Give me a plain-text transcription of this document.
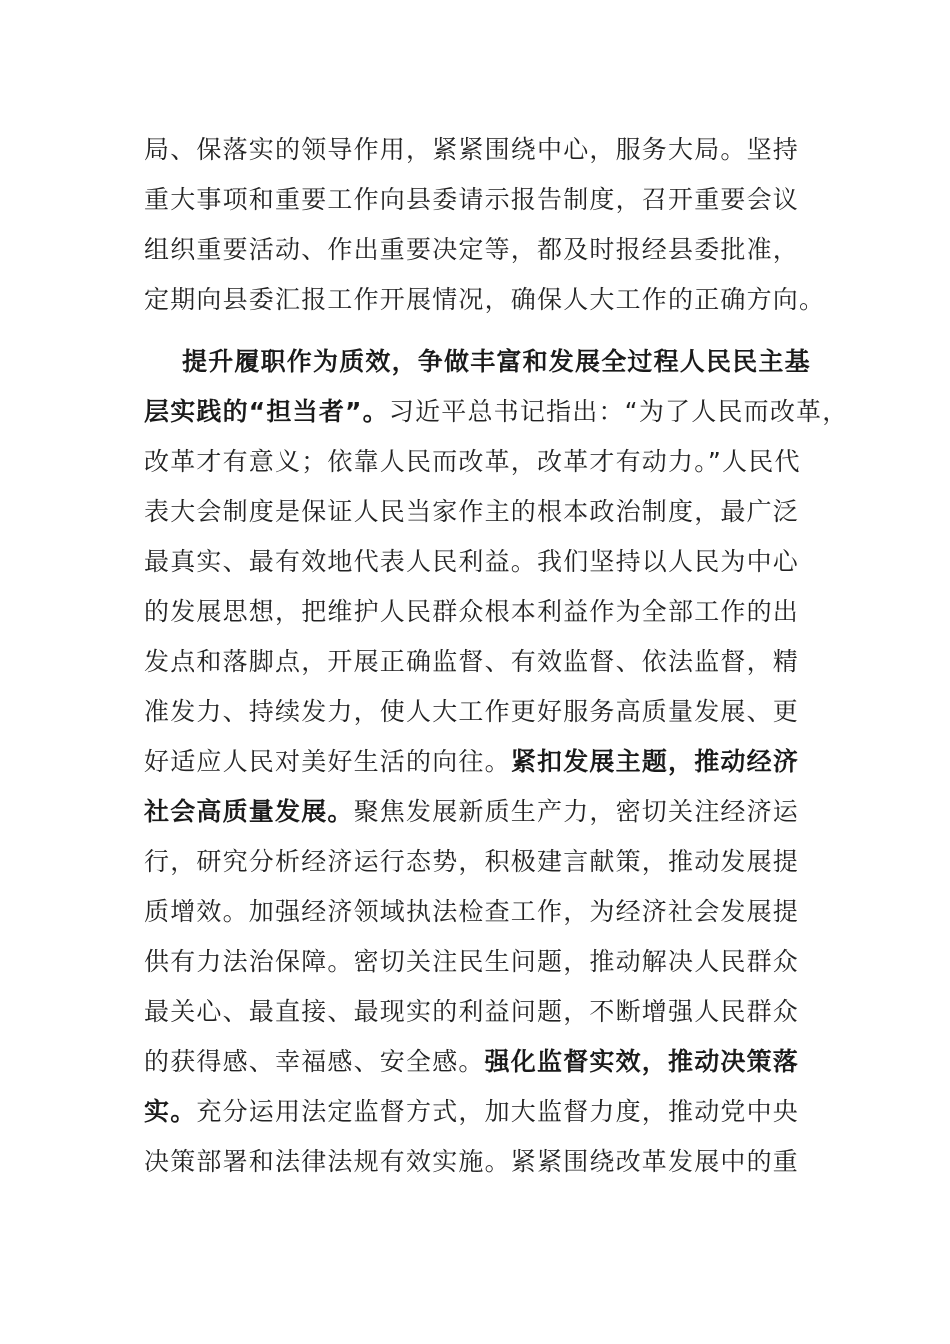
局、保落实的领导作用，紧紧围绕中心，服务大局。坚持
重大事项和重要工作向县委请示报告制度，召开重要会议
组织重要活动、作出重要决定等，都及时报经县委批准，
定期向县委汇报工作开展情况，确保人大工作的正确方向。
提升履职作为质效，争做丰富和发展全过程人民民主基
层实践的“担当者”。习近平总书记指出：“为了人民而改革，
改革才有意义；依靠人民而改革，改革才有动力。”人民代
表大会制度是保证人民当家作主的根本政治制度，最广泛
最真实、最有效地代表人民利益。我们坚持以人民为中心
的发展思想，把维护人民群众根本利益作为全部工作的出
发点和落脚点，开展正确监督、有效监督、依法监督，精
准发力、持续发力，使人大工作更好服务高质量发展、更
好适应人民对美好生活的向往。紧扣发展主题，推动经济
社会高质量发展。聚焦发展新质生产力，密切关注经济运
行，研究分析经济运行态势，积极建言献策，推动发展提
质增效。加强经济领域执法检查工作，为经济社会发展提
供有力法治保障。密切关注民生问题，推动解决人民群众
最关心、最直接、最现实的利益问题，不断增强人民群众
的获得感、幸福感、安全感。强化监督实效，推动决策落
实。充分运用法定监督方式，加大监督力度，推动党中央
决策部署和法律法规有效实施。紧紧围绕改革发展中的重
